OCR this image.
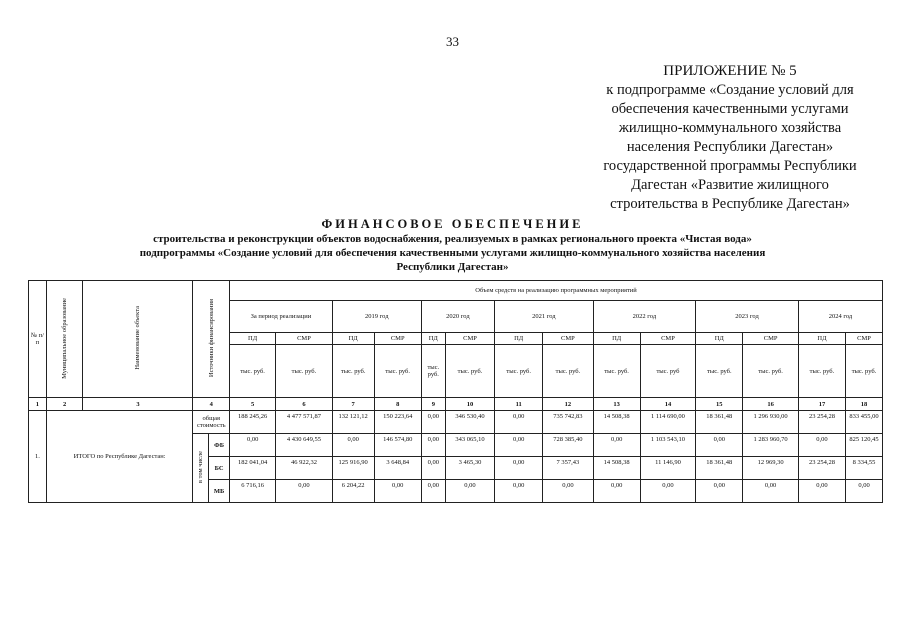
33
ПРИЛОЖЕНИЕ № 5
к подпрограмме «Создание условий для
обеспечения качественными услугами
жилищно-коммунального хозяйства
населения Республики Дагестан»
государственной программы Республики
Дагестан «Развитие жилищного
строительства в Республике Дагестан»
ФИНАНСОВОЕ ОБЕСПЕЧЕНИЕ
строительства и реконструкции объектов водоснабжения, реализуемых в рамках регионального проекта «Чистая вода»
подпрограммы «Создание условий для обеспечения качественными услугами жилищно-коммунального хозяйства населения
Республики Дагестан»
№ п/п	Муниципальное образование	Наименование объекта	Источники финансирования		Объем средств на реализацию программных мероприятий													
					За период реализации		2019 год		2020 год		2021 год		2022 год		2023 год		2024 год	
					ПД	СМР	ПД	СМР	ПД	СМР	ПД	СМР	ПД	СМР	ПД	СМР	ПД	СМР
					тыс. руб.	тыс. руб.	тыс. руб.	тыс. руб.	тыс. руб.	тыс. руб.	тыс. руб.	тыс. руб.	тыс. руб.	тыс. руб	тыс. руб.	тыс. руб.	тыс. руб.	тыс. руб.
1	2	3	4		5	6	7	8	9	10	11	12	13	14	15	16	17	18
1.	ИТОГО по Республике Дагестан:		общая стоимость		188 245,26	4 477 571,87	132 121,12	150 223,64	0,00	346 530,40	0,00	735 742,83	14 508,38	1 114 690,00	18 361,48	1 296 930,00	23 254,28	833 455,00
			в том числе	ФБ	0,00	4 430 649,55	0,00	146 574,80	0,00	343 065,10	0,00	728 385,40	0,00	1 103 543,10	0,00	1 283 960,70	0,00	825 120,45
				БС	182 041,04	46 922,32	125 916,90	3 648,84	0,00	3 465,30	0,00	7 357,43	14 508,38	11 146,90	18 361,48	12 969,30	23 254,28	8 334,55
				МБ	6 716,16	0,00	6 204,22	0,00	0,00	0,00	0,00	0,00	0,00	0,00	0,00	0,00	0,00	0,00
